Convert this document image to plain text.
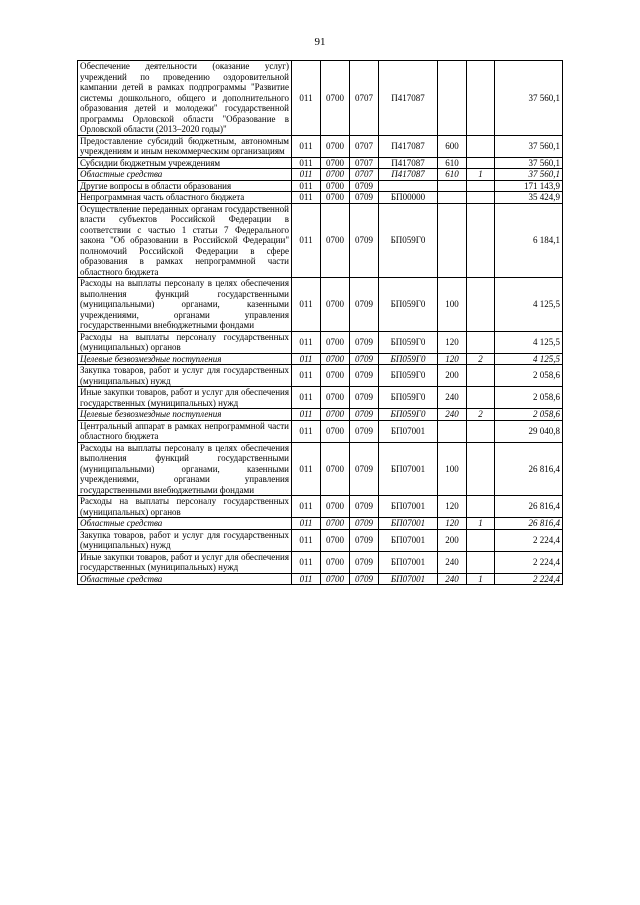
91
Обеспечение деятельности (оказание услуг) учреждений по проведению оздоровительной кампании детей в рамках подпрограммы "Развитие системы дошкольного, общего и дополнительного образования детей и молодежи" государственной программы Орловской области "Образование в Орловской области (2013–2020 годы)"	011	0700	0707	П417087			37 560,1
Предоставление субсидий бюджетным, автономным учреждениям и иным некоммерческим организациям	011	0700	0707	П417087	600		37 560,1
Субсидии бюджетным учреждениям	011	0700	0707	П417087	610		37 560,1
Областные средства	011	0700	0707	П417087	610	1	37 560,1
Другие вопросы в области образования	011	0700	0709				171 143,9
Непрограммная часть областного бюджета	011	0700	0709	БП00000			35 424,9
Осуществление переданных органам государственной власти субъектов Российской Федерации в соответствии с частью 1 статьи 7 Федерального закона "Об образовании в Российской Федерации" полномочий Российской Федерации в сфере образования в рамках непрограммной части областного бюджета	011	0700	0709	БП059Г0			6 184,1
Расходы на выплаты персоналу в целях обеспечения выполнения функций государственными (муниципальными) органами, казенными учреждениями, органами управления государственными внебюджетными фондами	011	0700	0709	БП059Г0	100		4 125,5
Расходы на выплаты персоналу государственных (муниципальных) органов	011	0700	0709	БП059Г0	120		4 125,5
Целевые безвозмездные поступления	011	0700	0709	БП059Г0	120	2	4 125,5
Закупка товаров, работ и услуг для государственных (муниципальных) нужд	011	0700	0709	БП059Г0	200		2 058,6
Иные закупки товаров, работ и услуг для обеспечения государственных (муниципальных) нужд	011	0700	0709	БП059Г0	240		2 058,6
Целевые безвозмездные поступления	011	0700	0709	БП059Г0	240	2	2 058,6
Центральный аппарат в рамках непрограммной части областного бюджета	011	0700	0709	БП07001			29 040,8
Расходы на выплаты персоналу в целях обеспечения выполнения функций государственными (муниципальными) органами, казенными учреждениями, органами управления государственными внебюджетными фондами	011	0700	0709	БП07001	100		26 816,4
Расходы на выплаты персоналу государственных (муниципальных) органов	011	0700	0709	БП07001	120		26 816,4
Областные средства	011	0700	0709	БП07001	120	1	26 816,4
Закупка товаров, работ и услуг для государственных (муниципальных) нужд	011	0700	0709	БП07001	200		2 224,4
Иные закупки товаров, работ и услуг для обеспечения государственных (муниципальных) нужд	011	0700	0709	БП07001	240		2 224,4
Областные средства	011	0700	0709	БП07001	240	1	2 224,4
